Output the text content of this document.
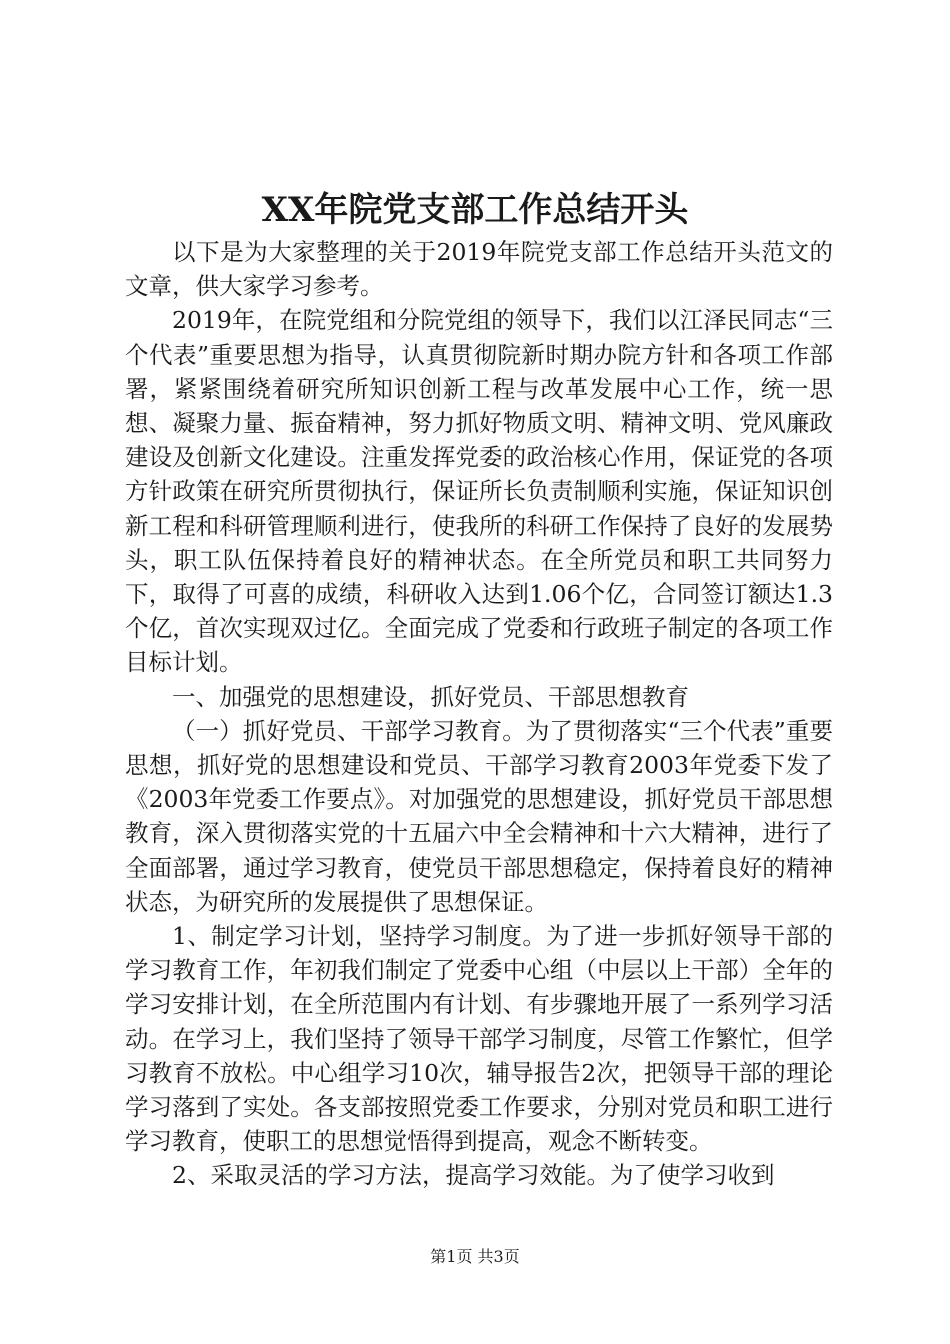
XX年院党支部工作总结开头

以下是为大家整理的关于2019年院党支部工作总结开头范文的文章，供大家学习参考。

2019年，在院党组和分院党组的领导下，我们以江泽民同志“三个代表”重要思想为指导，认真贯彻院新时期办院方针和各项工作部署，紧紧围绕着研究所知识创新工程与改革发展中心工作，统一思想、凝聚力量、振奋精神，努力抓好物质文明、精神文明、党风廉政建设及创新文化建设。注重发挥党委的政治核心作用，保证党的各项方针政策在研究所贯彻执行，保证所长负责制顺利实施，保证知识创新工程和科研管理顺利进行，使我所的科研工作保持了良好的发展势头，职工队伍保持着良好的精神状态。在全所党员和职工共同努力下，取得了可喜的成绩，科研收入达到1.06个亿，合同签订额达1.3个亿，首次实现双过亿。全面完成了党委和行政班子制定的各项工作目标计划。

一、加强党的思想建设，抓好党员、干部思想教育

（一）抓好党员、干部学习教育。为了贯彻落实“三个代表”重要思想，抓好党的思想建设和党员、干部学习教育2003年党委下发了《2003年党委工作要点》。对加强党的思想建设，抓好党员干部思想教育，深入贯彻落实党的十五届六中全会精神和十六大精神，进行了全面部署，通过学习教育，使党员干部思想稳定，保持着良好的精神状态，为研究所的发展提供了思想保证。

1、制定学习计划，坚持学习制度。为了进一步抓好领导干部的学习教育工作，年初我们制定了党委中心组（中层以上干部）全年的学习安排计划，在全所范围内有计划、有步骤地开展了一系列学习活动。在学习上，我们坚持了领导干部学习制度，尽管工作繁忙，但学习教育不放松。中心组学习10次，辅导报告2次，把领导干部的理论学习落到了实处。各支部按照党委工作要求，分别对党员和职工进行学习教育，使职工的思想觉悟得到提高，观念不断转变。

2、采取灵活的学习方法，提高学习效能。为了使学习收到

第1页 共3页
